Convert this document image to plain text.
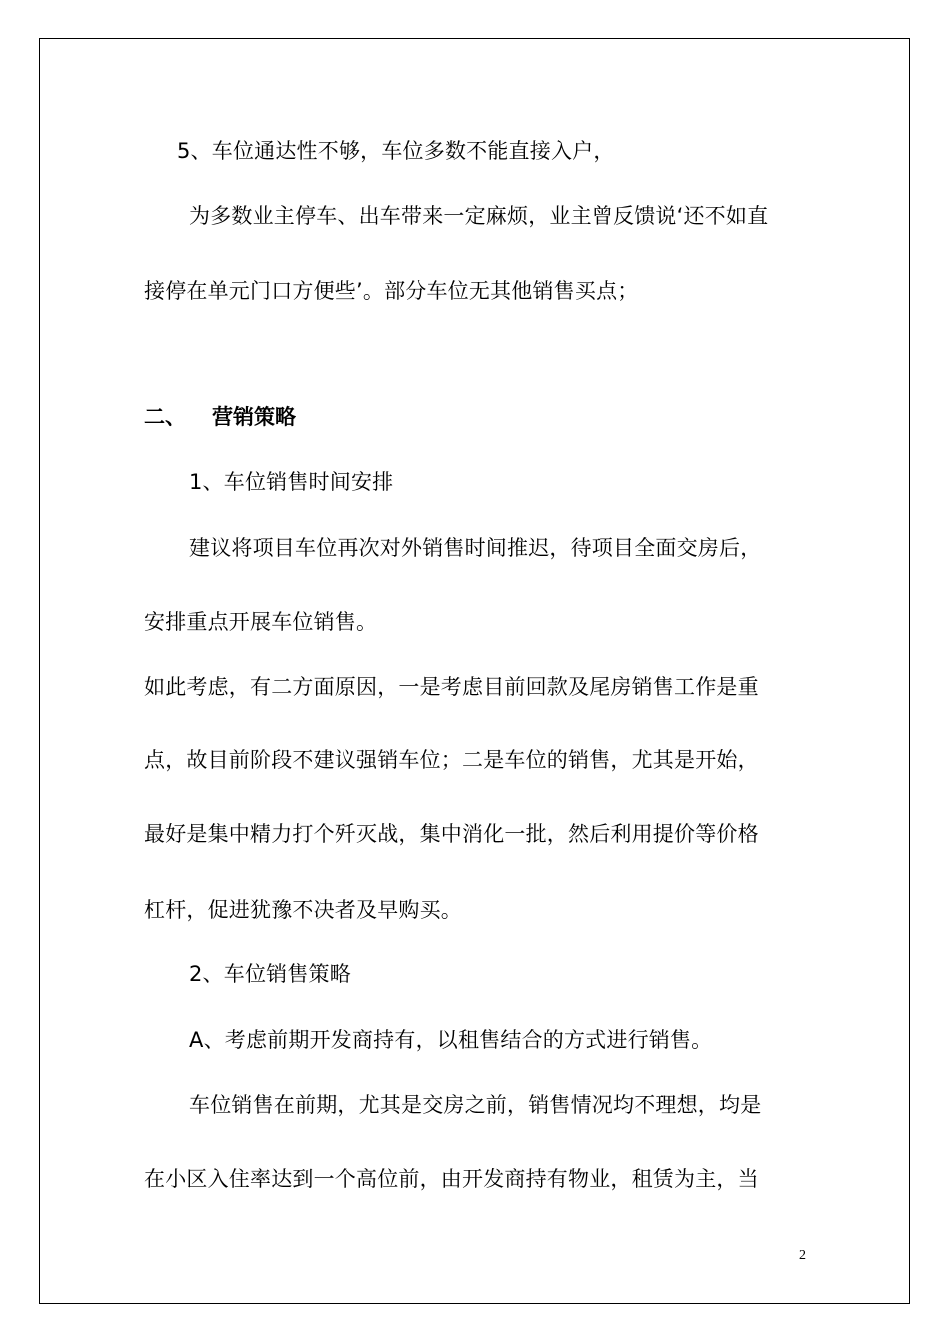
5、车位通达性不够，车位多数不能直接入户，
为多数业主停车、出车带来一定麻烦，业主曾反馈说‘还不如直
接停在单元门口方便些’。部分车位无其他销售买点；
二、 营销策略
1、车位销售时间安排
建议将项目车位再次对外销售时间推迟，待项目全面交房后，
安排重点开展车位销售。
如此考虑，有二方面原因，一是考虑目前回款及尾房销售工作是重
点，故目前阶段不建议强销车位；二是车位的销售，尤其是开始，
最好是集中精力打个歼灭战，集中消化一批，然后利用提价等价格
杠杆，促进犹豫不决者及早购买。
2、车位销售策略
A、考虑前期开发商持有，以租售结合的方式进行销售。
车位销售在前期，尤其是交房之前，销售情况均不理想，均是
在小区入住率达到一个高位前，由开发商持有物业，租赁为主，当
2
